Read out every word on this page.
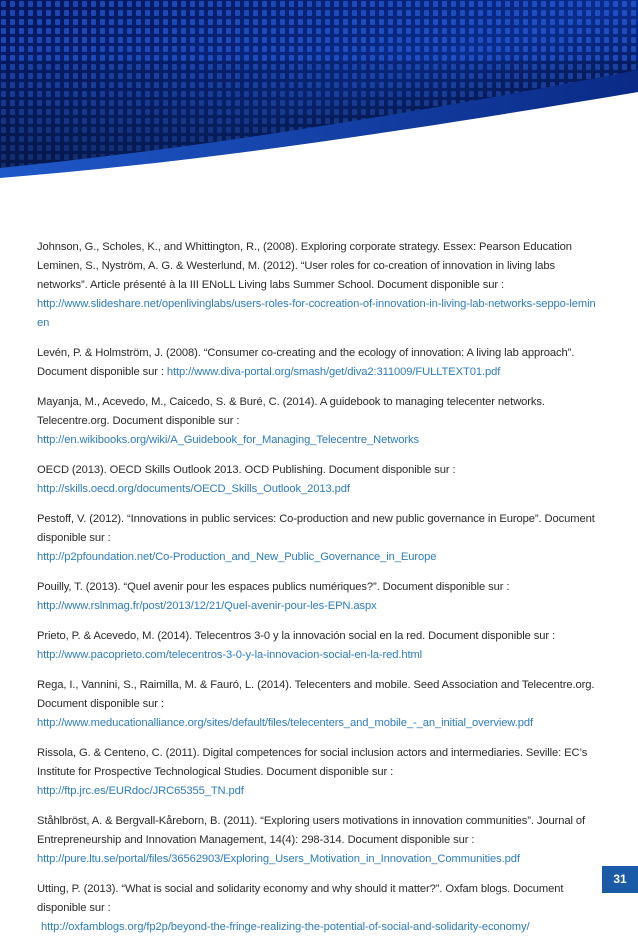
Johnson, G., Scholes, K., and Whittington, R., (2008). Exploring corporate strategy. Essex: Pearson Education
Leminen, S., Nyström, A. G. & Westerlund, M. (2012). “User roles for co-creation of innovation in living labs networks”. Article présenté à la III ENoLL Living labs Summer School. Document disponible sur :
http://www.slideshare.net/openlivinglabs/users-roles-for-cocreation-of-innovation-in-living-lab-networks-seppo-leminen
Levén, P. & Holmström, J. (2008). “Consumer co-creating and the ecology of innovation: A living lab approach”. Document disponible sur : http://www.diva-portal.org/smash/get/diva2:311009/FULLTEXT01.pdf
Mayanja, M., Acevedo, M., Caicedo, S. & Buré, C. (2014). A guidebook to managing telecenter networks. Telecentre.org. Document disponible sur :
http://en.wikibooks.org/wiki/A_Guidebook_for_Managing_Telecentre_Networks
OECD (2013). OECD Skills Outlook 2013. OCD Publishing. Document disponible sur :
http://skills.oecd.org/documents/OECD_Skills_Outlook_2013.pdf
Pestoff, V. (2012). “Innovations in public services: Co-production and new public governance in Europe”. Document disponible sur :
http://p2pfoundation.net/Co-Production_and_New_Public_Governance_in_Europe
Pouilly, T. (2013). “Quel avenir pour les espaces publics numériques?”. Document disponible sur :
http://www.rslnmag.fr/post/2013/12/21/Quel-avenir-pour-les-EPN.aspx
Prieto, P. & Acevedo, M. (2014). Telecentros 3-0 y la innovación social en la red. Document disponible sur :
http://www.pacoprieto.com/telecentros-3-0-y-la-innovacion-social-en-la-red.html
Rega, I., Vannini, S., Raimilla, M. & Fauró, L. (2014). Telecenters and mobile. Seed Association and Telecentre.org. Document disponible sur :
http://www.meducationalliance.org/sites/default/files/telecenters_and_mobile_-_an_initial_overview.pdf
Rissola, G. & Centeno, C. (2011). Digital competences for social inclusion actors and intermediaries. Seville: EC’s Institute for Prospective Technological Studies. Document disponible sur :
http://ftp.jrc.es/EURdoc/JRC65355_TN.pdf
Ståhlbröst, A. & Bergvall-Kåreborn, B. (2011). “Exploring users motivations in innovation communities”. Journal of Entrepreneurship and Innovation Management, 14(4): 298-314. Document disponible sur :
http://pure.ltu.se/portal/files/36562903/Exploring_Users_Motivation_in_Innovation_Communities.pdf
Utting, P. (2013). “What is social and solidarity economy and why should it matter?”. Oxfam blogs. Document disponible sur :
http://oxfamblogs.org/fp2p/beyond-the-fringe-realizing-the-potential-of-social-and-solidarity-economy/
31
